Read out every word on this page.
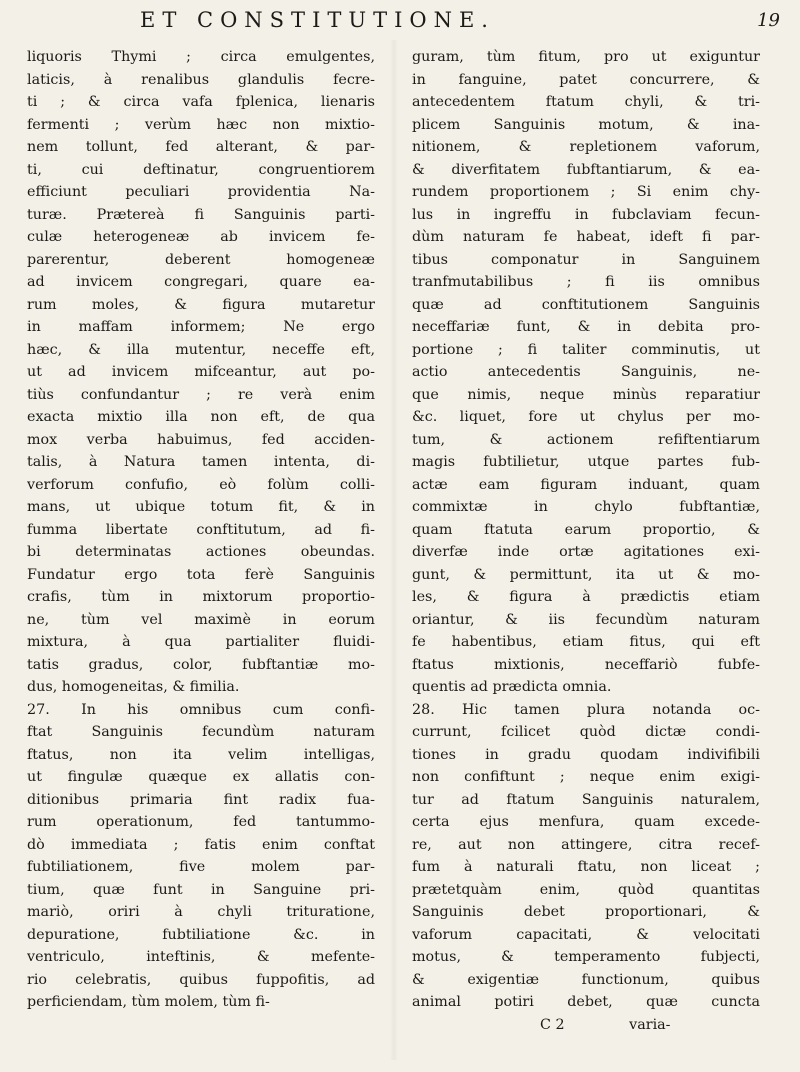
ET CONSTITUTIONE.	19
liquoris Thymi ; circa emulgentes,
laticis, à renalibus glandulis fecre-
ti ; & circa vafa fplenica, lienaris
fermenti ; verùm hæc non mixtio-
nem tollunt, fed alterant, & par-
ti, cui deftinatur, congruentiorem
efficiunt peculiari providentia Na-
turæ. Prætereà fi Sanguinis parti-
culæ heterogeneæ ab invicem fe-
parerentur, deberent homogeneæ
ad invicem congregari, quare ea-
rum moles, & figura mutaretur
in maffam informem; Ne ergo
hæc, & illa mutentur, neceffe eft,
ut ad invicem mifceantur, aut po-
tiùs confundantur ; re verà enim
exacta mixtio illa non eft, de qua
mox verba habuimus, fed acciden-
talis, à Natura tamen intenta, di-
verforum confufio, eò folùm colli-
mans, ut ubique totum fit, & in
fumma libertate conftitutum, ad fi-
bi determinatas actiones obeundas.
Fundatur ergo tota ferè Sanguinis
crafis, tùm in mixtorum proportio-
ne, tùm vel maximè in eorum
mixtura, à qua partialiter fluidi-
tatis gradus, color, fubftantiæ mo-
dus, homogeneitas, & fimilia.
27. In his omnibus cum confi-
ftat Sanguinis fecundùm naturam
ftatus, non ita velim intelligas,
ut fingulæ quæque ex allatis con-
ditionibus primaria fint radix fua-
rum operationum, fed tantummo-
dò immediata ; fatis enim conftat
fubtiliationem, five molem par-
tium, quæ funt in Sanguine pri-
mariò, oriri à chyli trituratione,
depuratione, fubtiliatione &c. in
ventriculo, inteftinis, & mefente-
rio celebratis, quibus fuppofitis, ad
perficiendam, tùm molem, tùm fi-
guram, tùm fitum, pro ut exiguntur
in fanguine, patet concurrere, &
antecedentem ftatum chyli, & tri-
plicem Sanguinis motum, & ina-
nitionem, & repletionem vaforum,
& diverfitatem fubftantiarum, & ea-
rundem proportionem ; Si enim chy-
lus in ingreffu in fubclaviam fecun-
dùm naturam fe habeat, ideft fi par-
tibus componatur in Sanguinem
tranfmutabilibus ; fi iis omnibus
quæ ad conftitutionem Sanguinis
neceffariæ funt, & in debita pro-
portione ; fi taliter comminutis, ut
actio antecedentis Sanguinis, ne-
que nimis, neque minùs reparatiur
&c. liquet, fore ut chylus per mo-
tum, & actionem refiftentiarum
magis fubtilietur, utque partes fub-
actæ eam figuram induant, quam
commixtæ in chylo fubftantiæ,
quam ftatuta earum proportio, &
diverfæ inde ortæ agitationes exi-
gunt, & permittunt, ita ut & mo-
les, & figura à prædictis etiam
oriantur, & iis fecundùm naturam
fe habentibus, etiam fitus, qui eft
ftatus mixtionis, neceffariò fubfe-
quentis ad prædicta omnia.
28. Hic tamen plura notanda oc-
currunt, fcilicet quòd dictæ condi-
tiones in gradu quodam indivifibili
non confiftunt ; neque enim exigi-
tur ad ftatum Sanguinis naturalem,
certa ejus menfura, quam excede-
re, aut non attingere, citra recef-
fum à naturali ftatu, non liceat ;
prætetquàm enim, quòd quantitas
Sanguinis debet proportionari, &
vaforum capacitati, & velocitati
motus, & temperamento fubjecti,
& exigentiæ functionum, quibus
animal potiri debet, quæ cuncta
C 2	varia-
